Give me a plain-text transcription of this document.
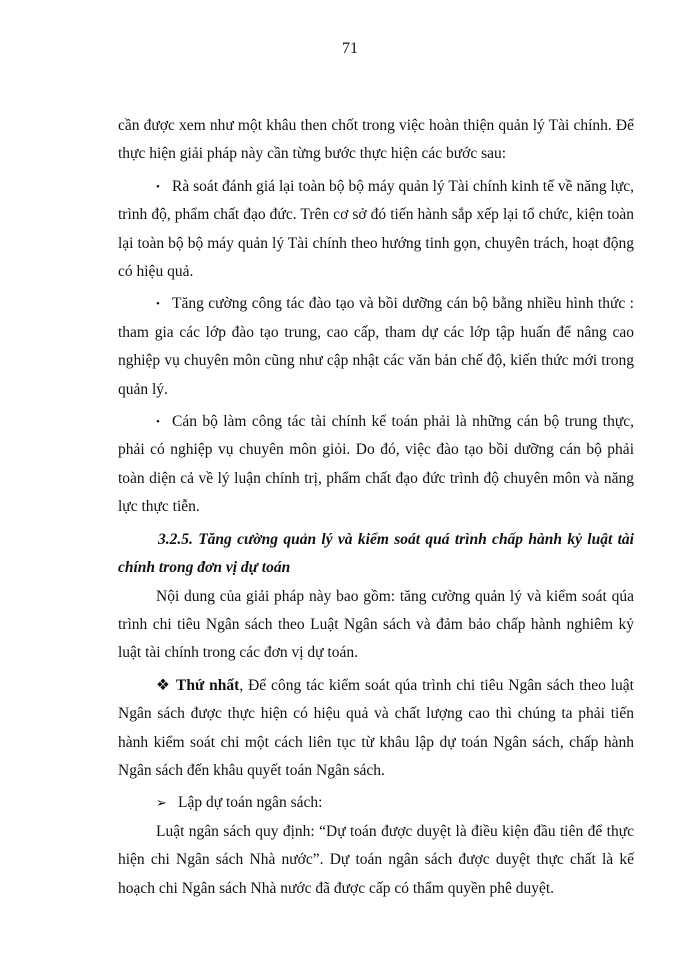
71

cần được xem như một khâu then chốt trong việc hoàn thiện quản lý Tài chính. Để thực hiện giải pháp này cần từng bước thực hiện các bước sau:

• Rà soát đánh giá lại toàn bộ bộ máy quản lý Tài chính kinh tế về năng lực, trình độ, phẩm chất đạo đức. Trên cơ sở đó tiến hành sắp xếp lại tổ chức, kiện toàn lại toàn bộ bộ máy quản lý Tài chính theo hướng tinh gọn, chuyên trách, hoạt động có hiệu quả.

• Tăng cường công tác đào tạo và bồi dưỡng cán bộ bằng nhiều hình thức : tham gia các lớp đào tạo trung, cao cấp, tham dự các lớp tập huấn để nâng cao nghiệp vụ chuyên môn cũng như cập nhật các văn bản chế độ, kiến thức mới trong quản lý.

• Cán bộ làm công tác tài chính kế toán phải là những cán bộ trung thực, phải có nghiệp vụ chuyên môn giỏi. Do đó, việc đào tạo bồi dưỡng cán bộ phải toàn diện cả về lý luận chính trị, phẩm chất đạo đức trình độ chuyên môn và năng lực thực tiễn.

3.2.5. Tăng cường quản lý và kiểm soát quá trình chấp hành kỷ luật tài chính trong đơn vị dự toán

Nội dung của giải pháp này bao gồm: tăng cường quản lý và kiểm soát qúa trình chi tiêu Ngân sách theo Luật Ngân sách và đảm bảo chấp hành nghiêm kỷ luật tài chính trong các đơn vị dự toán.

❖ Thứ nhất, Để công tác kiểm soát qúa trình chi tiêu Ngân sách theo luật Ngân sách được thực hiện có hiệu quả và chất lượng cao thì chúng ta phải tiến hành kiểm soát chi một cách liên tục từ khâu lập dự toán Ngân sách, chấp hành Ngân sách đến khâu quyết toán Ngân sách.

➢ Lập dự toán ngân sách:

Luật ngân sách quy định: “Dự toán được duyệt là điều kiện đầu tiên để thực hiện chi Ngân sách Nhà nước”. Dự toán ngân sách được duyệt thực chất là kế hoạch chi Ngân sách Nhà nước đã được cấp có thẩm quyền phê duyệt.
